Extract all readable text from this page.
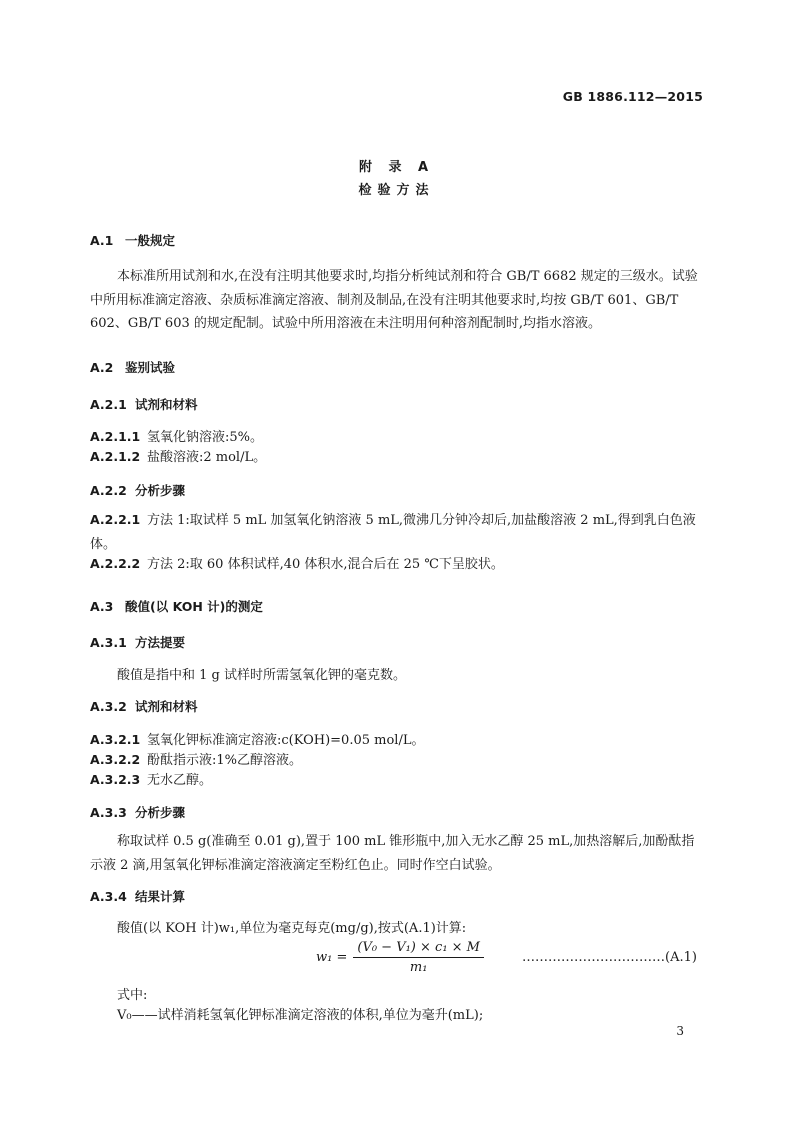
GB 1886.112—2015
附 录 A
检验方法
A.1 一般规定
本标准所用试剂和水,在没有注明其他要求时,均指分析纯试剂和符合 GB/T 6682 规定的三级水。试验中所用标准滴定溶液、杂质标准滴定溶液、制剂及制品,在没有注明其他要求时,均按 GB/T 601、GB/T 602、GB/T 603 的规定配制。试验中所用溶液在未注明用何种溶剂配制时,均指水溶液。
A.2 鉴别试验
A.2.1 试剂和材料
A.2.1.1 氢氧化钠溶液:5%。
A.2.1.2 盐酸溶液:2 mol/L。
A.2.2 分析步骤
A.2.2.1 方法 1:取试样 5 mL 加氢氧化钠溶液 5 mL,微沸几分钟冷却后,加盐酸溶液 2 mL,得到乳白色液体。
A.2.2.2 方法 2:取 60 体积试样,40 体积水,混合后在 25 ℃下呈胶状。
A.3 酸值(以 KOH 计)的测定
A.3.1 方法提要
酸值是指中和 1 g 试样时所需氢氧化钾的毫克数。
A.3.2 试剂和材料
A.3.2.1 氢氧化钾标准滴定溶液:c(KOH)=0.05 mol/L。
A.3.2.2 酚酞指示液:1%乙醇溶液。
A.3.2.3 无水乙醇。
A.3.3 分析步骤
称取试样 0.5 g(准确至 0.01 g),置于 100 mL 锥形瓶中,加入无水乙醇 25 mL,加热溶解后,加酚酞指示液 2 滴,用氢氧化钾标准滴定溶液滴定至粉红色止。同时作空白试验。
A.3.4 结果计算
酸值(以 KOH 计)w₁,单位为毫克每克(mg/g),按式(A.1)计算:
$w_1 = \frac{\text{(V₀ − V₁) × c₁ × M}}{\text{m₁}}$	……………………………(A.1)
式中:
V₀——试样消耗氢氧化钾标准滴定溶液的体积,单位为毫升(mL);
3
